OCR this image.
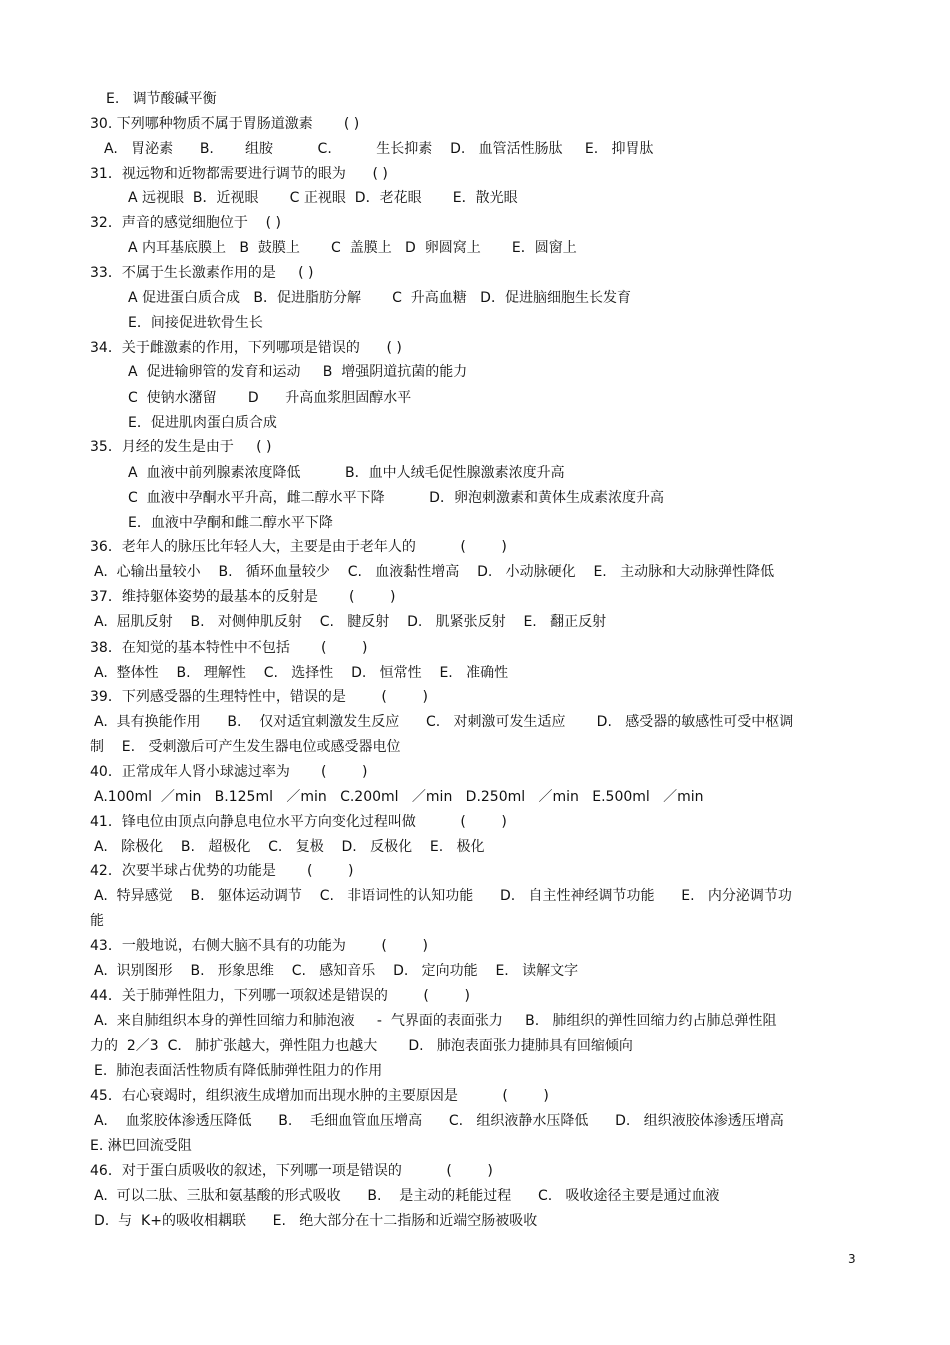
E.   调节酸碱平衡
30. 下列哪种物质不属于胃肠道激素       ( )
A.   胃泌素      B.       组胺          C.          生长抑素    D.   血管活性肠肽     E.   抑胃肽
31．视远物和近物都需要进行调节的眼为      ( )
A 远视眼  B．近视眼       C 正视眼  D．老花眼       E．散光眼
32．声音的感觉细胞位于    ( )
A 内耳基底膜上   B  鼓膜上       C  盖膜上   D  卵圆窝上       E．圆窗上
33．不属于生长激素作用的是     ( )
A 促进蛋白质合成   B．促进脂肪分解       C  升高血糖   D．促进脑细胞生长发育
E．间接促进软骨生长
34．关于雌激素的作用，下列哪项是错误的      ( )
A  促进输卵管的发育和运动     B  增强阴道抗菌的能力
C  使钠水潴留       D      升高血浆胆固醇水平
E．促进肌肉蛋白质合成
35．月经的发生是由于     ( )
A  血液中前列腺素浓度降低          B．血中人绒毛促性腺激素浓度升高
C  血液中孕酮水平升高，雌二醇水平下降          D．卵泡刺激素和黄体生成素浓度升高
E．血液中孕酮和雌二醇水平下降
36．老年人的脉压比年轻人大，主要是由于老年人的          (        )
A.  心输出量较小    B.   循环血量较少    C.   血液黏性增高    D.   小动脉硬化    E.   主动脉和大动脉弹性降低
37．维持躯体姿势的最基本的反射是       (        )
A.  屈肌反射    B.   对侧伸肌反射    C.   腱反射    D.   肌紧张反射    E.   翻正反射
38．在知觉的基本特性中不包括       (        )
A.  整体性    B.   理解性    C.   选择性    D.   恒常性    E.   准确性
39．下列感受器的生理特性中，错误的是        (        )
A.  具有换能作用      B.    仅对适宜刺激发生反应      C.   对刺激可发生适应       D.   感受器的敏感性可受中枢调
制    E.   受刺激后可产生发生器电位或感受器电位
40．正常成年人肾小球滤过率为       (        )
A.100ml  ／min   B.125ml   ／min   C.200ml   ／min   D.250ml   ／min   E.500ml   ／min
41．锋电位由顶点向静息电位水平方向变化过程叫做          (        )
A.   除极化    B.   超极化    C.   复极    D.   反极化    E.   极化
42．次要半球占优势的功能是       (        )
A.  特异感觉    B.   躯体运动调节    C.   非语词性的认知功能      D.   自主性神经调节功能      E.   内分泌调节功
能
43．一般地说，右侧大脑不具有的功能为        (        )
A.  识别图形    B.   形象思维    C.   感知音乐    D.   定向功能    E.   读解文字
44．关于肺弹性阻力，下列哪一项叙述是错误的        (        )
A.  来自肺组织本身的弹性回缩力和肺泡液     -  气界面的表面张力     B.   肺组织的弹性回缩力约占肺总弹性阻
力的  2／3  C.   肺扩张越大，弹性阻力也越大       D.   肺泡表面张力捷肺具有回缩倾向
E.  肺泡表面活性物质有降低肺弹性阻力的作用
45．右心衰竭时，组织液生成增加而出现水肿的主要原因是          (        )
A.    血浆胶体渗透压降低      B.    毛细血管血压增高      C.   组织液静水压降低      D.   组织液胶体渗透压增高
E. 淋巴回流受阻
46．对于蛋白质吸收的叙述，下列哪一项是错误的          (        )
A.  可以二肽、三肽和氨基酸的形式吸收      B.    是主动的耗能过程      C.   吸收途径主要是通过血液
D.  与  K+的吸收相耦联      E.   绝大部分在十二指肠和近端空肠被吸收
3
